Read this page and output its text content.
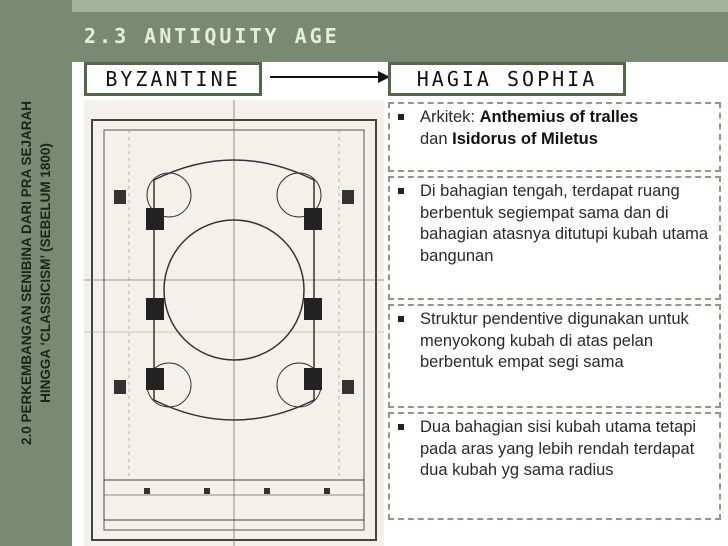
2.0 PERKEMBANGAN SENIBINA DARI PRA SEJARAH HINGGA ‘CLASSICISM’ (SEBELUM 1800)
2.3 ANTIQUITY AGE
BYZANTINE	HAGIA SOPHIA
Arkitek: Anthemius of tralles
dan Isidorus of Miletus
Di bahagian tengah, terdapat ruang berbentuk segiempat sama dan di bahagian atasnya ditutupi kubah utama bangunan
Struktur pendentive digunakan untuk menyokong kubah di atas pelan berbentuk empat segi sama
Dua bahagian sisi kubah utama tetapi pada aras yang lebih rendah terdapat dua kubah yg sama radius
